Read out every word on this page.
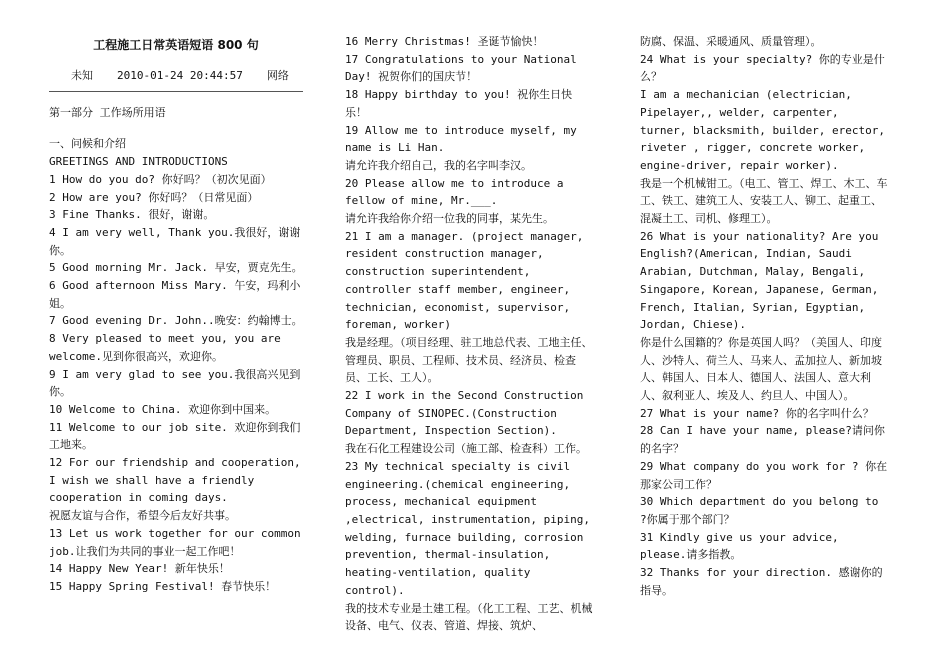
工程施工日常英语短语 800 句
未知 2010-01-24 20:44:57 网络
第一部分 工作场所用语
一、问候和介绍
GREETINGS AND INTRODUCTIONS
1 How do you do? 你好吗？（初次见面）
2 How are you? 你好吗？（日常见面）
3 Fine Thanks. 很好，谢谢。
4 I am very well, Thank you.我很好，谢谢你。
5 Good morning Mr. Jack. 早安，贾克先生。
6 Good afternoon Miss Mary. 午安，玛利小姐。
7 Good evening Dr. John..晚安：约翰博士。
8 Very pleased to meet you, you are welcome.见到你很高兴，欢迎你。
9 I am very glad to see you.我很高兴见到你。
10 Welcome to China. 欢迎你到中国来。
11 Welcome to our job site. 欢迎你到我们工地来。
12 For our friendship and cooperation, I wish we shall have a friendly cooperation in coming days.
祝愿友谊与合作，希望今后友好共事。
13 Let us work together for our common job.让我们为共同的事业一起工作吧！
14 Happy New Year! 新年快乐！
15 Happy Spring Festival! 春节快乐！
16 Merry Christmas! 圣诞节愉快！
17 Congratulations to your National Day! 祝贺你们的国庆节！
18 Happy birthday to you! 祝你生日快乐！
19 Allow me to introduce myself, my name is Li Han.
请允许我介绍自己，我的名字叫李汉。
20 Please allow me to introduce a fellow of mine, Mr.___.
请允许我给你介绍一位我的同事，某先生。
21 I am a manager. (project manager, resident construction manager, construction superintendent, controller staff member, engineer, technician, economist, supervisor, foreman, worker)
我是经理。（项目经理、驻工地总代表、工地主任、管理员、职员、工程师、技术员、经济员、检查员、工长、工人）。
22 I work in the Second Construction Company of SINOPEC.(Construction Department, Inspection Section).
我在石化工程建设公司（施工部、检查科）工作。
23 My technical specialty is civil engineering.(chemical engineering, process, mechanical equipment ,electrical, instrumentation, piping, welding, furnace building, corrosion prevention, thermal-insulation, heating-ventilation, quality control).
我的技术专业是土建工程。（化工工程、工艺、机械设备、电气、仪表、管道、焊接、筑炉、
防腐、保温、采暖通风、质量管理）。
24 What is your specialty? 你的专业是什么？
I am a mechanician (electrician, Pipelayer,, welder, carpenter, turner, blacksmith, builder, erector, riveter , rigger, concrete worker, engine-driver, repair worker).
我是一个机械钳工。（电工、管工、焊工、木工、车工、铁工、建筑工人、安装工人、铆工、起重工、混凝土工、司机、修理工）。
26 What is your nationality? Are you English?(American, Indian, Saudi Arabian, Dutchman, Malay, Bengali, Singapore, Korean, Japanese, German, French, Italian, Syrian, Egyptian, Jordan, Chiese).
你是什么国籍的？你是英国人吗？（美国人、印度人、沙特人、荷兰人、马来人、孟加拉人、新加坡人、韩国人、日本人、德国人、法国人、意大利人、叙利亚人、埃及人、约旦人、中国人）。
27 What is your name? 你的名字叫什么？
28 Can I have your name, please?请问你的名字？
29 What company do you work for ? 你在那家公司工作？
30 Which department do you belong to ?你属于那个部门？
31 Kindly give us your advice, please.请多指教。
32 Thanks for your direction. 感谢你的指导。
